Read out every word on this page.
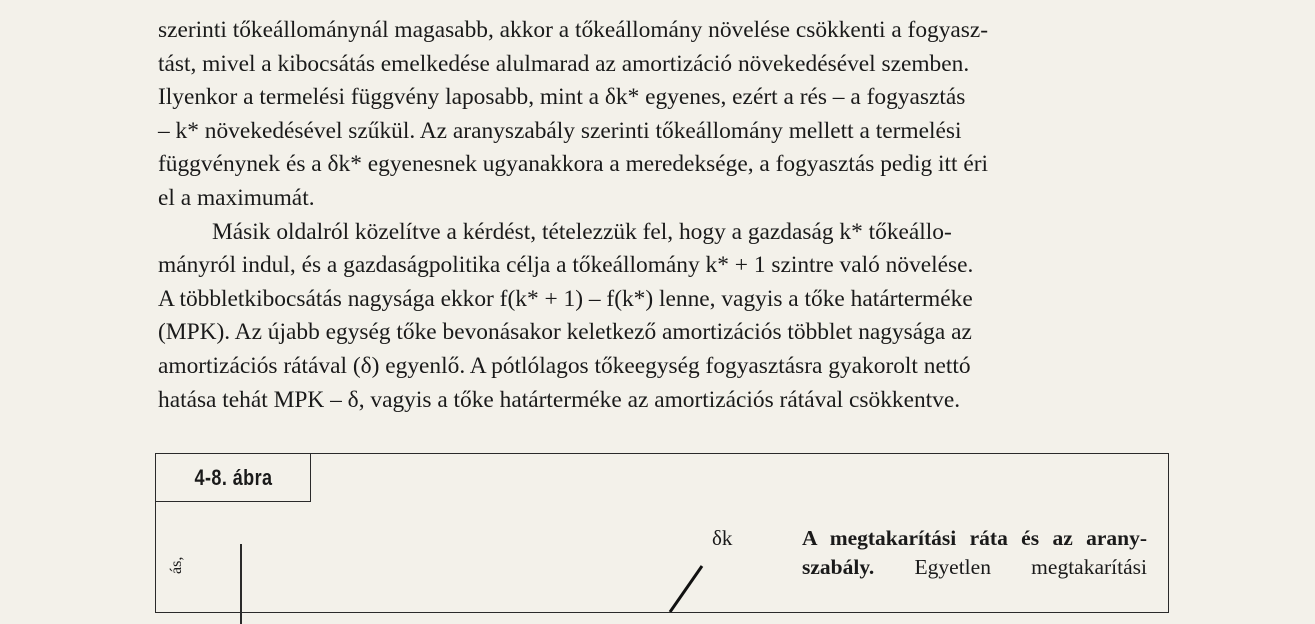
szerinti tőkeállománynál magasabb, akkor a tőkeállomány növelése csökkenti a fogyasz-

tást, mivel a kibocsátás emelkedése alulmarad az amortizáció növekedésével szemben.

Ilyenkor a termelési függvény laposabb, mint a δk* egyenes, ezért a rés – a fogyasztás

– k* növekedésével szűkül. Az aranyszabály szerinti tőkeállomány mellett a termelési

függvénynek és a δk* egyenesnek ugyanakkora a meredeksége, a fogyasztás pedig itt éri

el a maximumát.

Másik oldalról közelítve a kérdést, tételezzük fel, hogy a gazdaság k* tőkeállo-

mányról indul, és a gazdaságpolitika célja a tőkeállomány k* + 1 szintre való növelése.

A többletkibocsátás nagysága ekkor f(k* + 1) – f(k*) lenne, vagyis a tőke határterméke

(MPK). Az újabb egység tőke bevonásakor keletkező amortizációs többlet nagysága az

amortizációs rátával (δ) egyenlő. A pótlólagos tőkeegység fogyasztásra gyakorolt nettó

hatása tehát MPK – δ, vagyis a tőke határterméke az amortizációs rátával csökkentve.

4-8. ábra
ás,
δk	A megtakarítási ráta és az arany- szabály. Egyetlen megtakarítási
